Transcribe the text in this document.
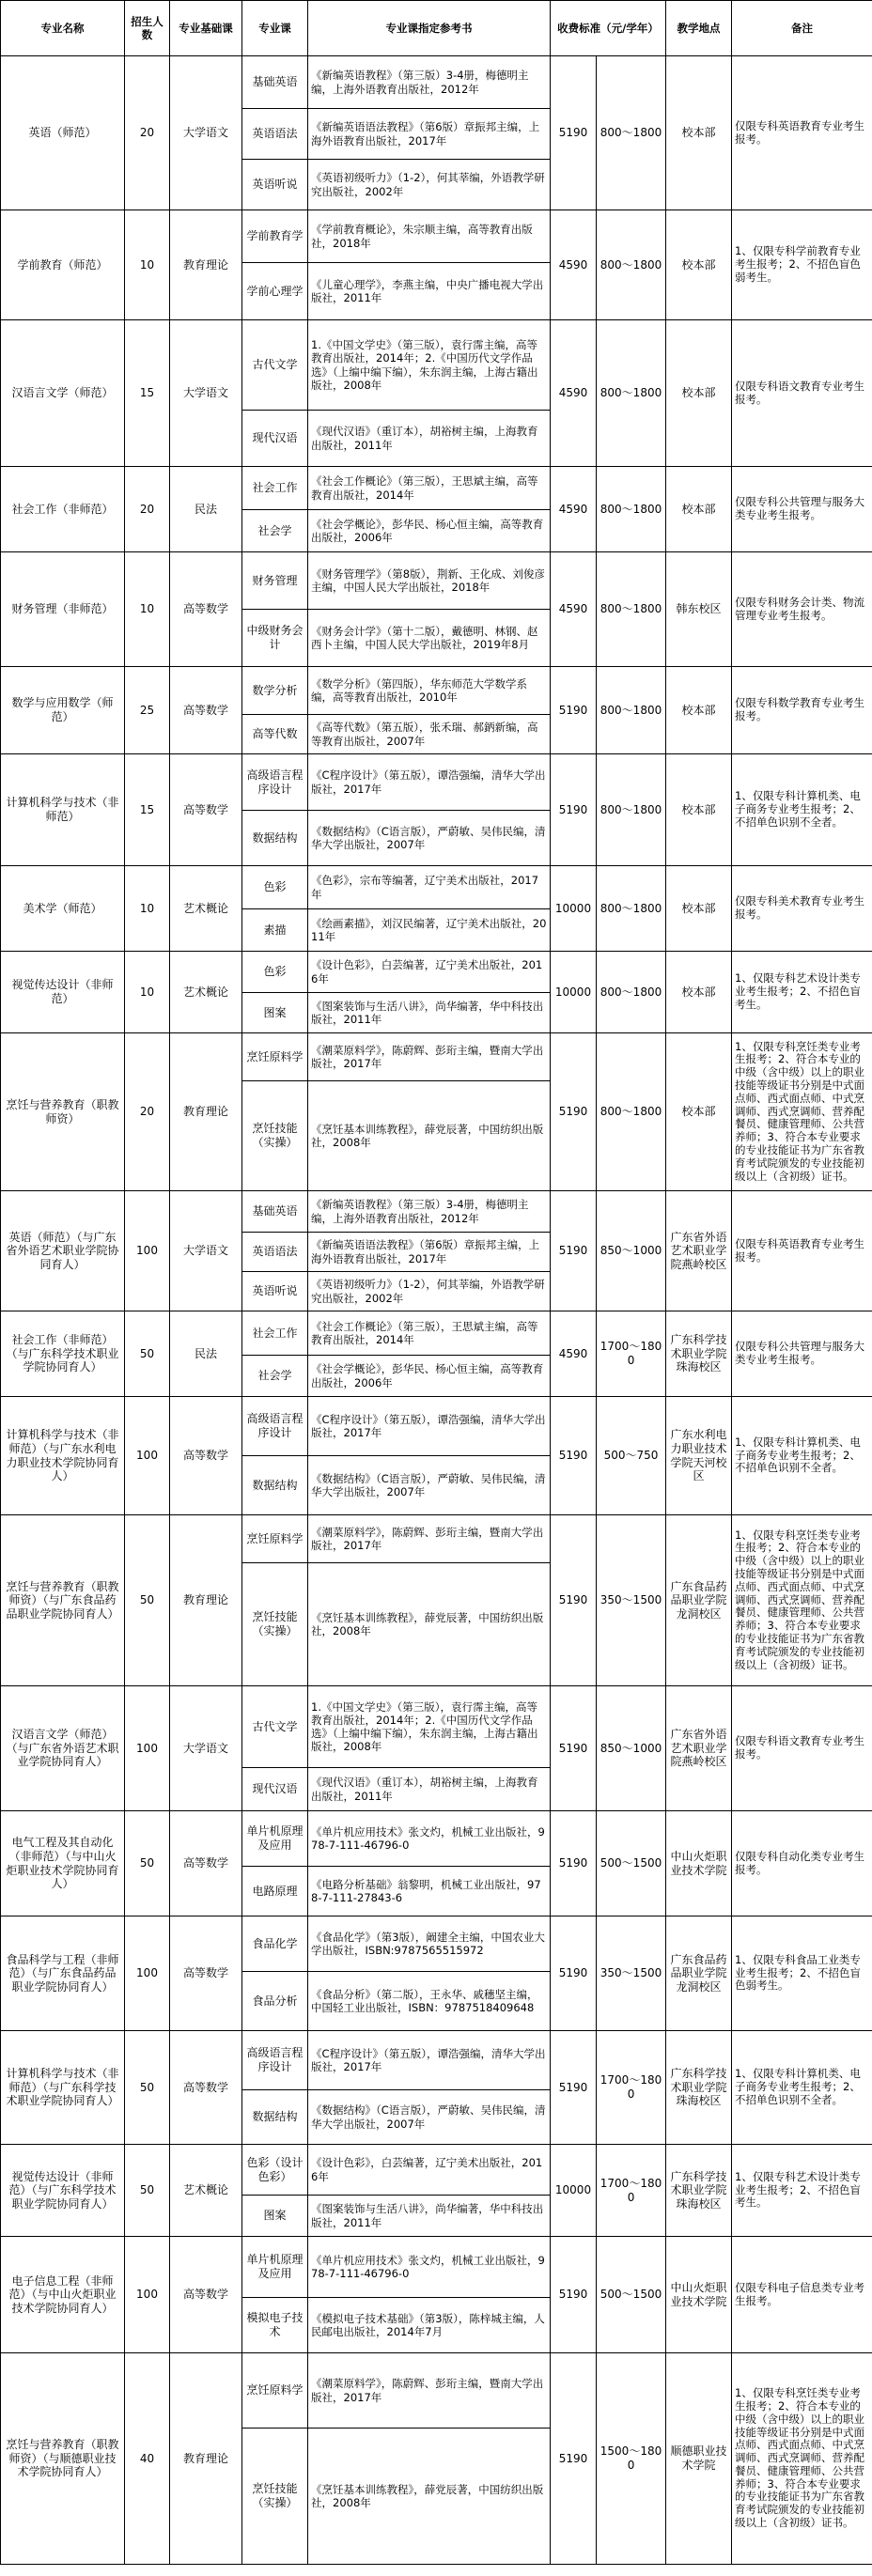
专业名称	招生人数	专业基础课	专业课	专业课指定参考书	收费标准（元/学年）		教学地点	备注
英语（师范）	20	大学语文	基础英语	《新编英语教程》（第三版）3-4册，梅德明主编，上海外语教育出版社，2012年	5190	800～1800	校本部	仅限专科英语教育专业考生报考。
			英语语法	《新编英语语法教程》（第6版）章振邦主编，上海外语教育出版社，2017年				
			英语听说	《英语初级听力》（1-2），何其莘编，外语教学研究出版社，2002年				
学前教育（师范）	10	教育理论	学前教育学	《学前教育概论》，朱宗顺主编，高等教育出版社，2018年	4590	800～1800	校本部	1、仅限专科学前教育专业考生报考；2、不招色盲色弱考生。
			学前心理学	《儿童心理学》，李燕主编，中央广播电视大学出版社，2011年				
汉语言文学（师范）	15	大学语文	古代文学	1.《中国文学史》（第三版），袁行霈主编，高等教育出版社，2014年；2.《中国历代文学作品选》（上编中编下编），朱东润主编，上海古籍出版社，2008年	4590	800～1800	校本部	仅限专科语文教育专业考生报考。
			现代汉语	《现代汉语》（重订本），胡裕树主编，上海教育出版社，2011年				
社会工作（非师范）	20	民法	社会工作	《社会工作概论》（第三版），王思斌主编，高等教育出版社，2014年	4590	800～1800	校本部	仅限专科公共管理与服务大类专业考生报考。
			社会学	《社会学概论》，彭华民、杨心恒主编，高等教育出版社，2006年				
财务管理（非师范）	10	高等数学	财务管理	《财务管理学》（第8版），荆新、王化成、刘俊彦主编，中国人民大学出版社，2018年	4590	800～1800	韩东校区	仅限专科财务会计类、物流管理专业考生报考。
			中级财务会计	《财务会计学》（第十二版），戴德明、林钢、赵西卜主编，中国人民大学出版社，2019年8月				
数学与应用数学（师范）	25	高等数学	数学分析	《数学分析》（第四版），华东师范大学数学系编，高等教育出版社，2010年	5190	800～1800	校本部	仅限专科数学教育专业考生报考。
			高等代数	《高等代数》（第五版），张禾瑞、郝鈵新编，高等教育出版社，2007年				
计算机科学与技术（非师范）	15	高等数学	高级语言程序设计	《C程序设计》（第五版），谭浩强编，清华大学出版社，2017年	5190	800～1800	校本部	1、仅限专科计算机类、电子商务专业考生报考；2、不招单色识别不全者。
			数据结构	《数据结构》（C语言版），严蔚敏、吴伟民编，清华大学出版社，2007年				
美术学（师范）	10	艺术概论	色彩	《色彩》，宗布等编著，辽宁美术出版社，2017年	10000	800～1800	校本部	仅限专科美术教育专业考生报考。
			素描	《绘画素描》，刘汉民编著，辽宁美术出版社，2011年				
视觉传达设计（非师范）	10	艺术概论	色彩	《设计色彩》，白芸编著，辽宁美术出版社，2016年	10000	800～1800	校本部	1、仅限专科艺术设计类专业考生报考；2、不招色盲考生。
			图案	《图案装饰与生活八讲》，尚华编著，华中科技出版社，2011年				
烹饪与营养教育（职教师资）	20	教育理论	烹饪原料学	《潮菜原料学》，陈蔚辉、彭珩主编，暨南大学出版社，2017年	5190	800～1800	校本部	1、仅限专科烹饪类专业考生报考；2、符合本专业的中级（含中级）以上的职业技能等级证书分别是中式面点师、西式面点师、中式烹调师、西式烹调师、营养配餐员、健康管理师、公共营养师；3、符合本专业要求的专业技能证书为广东省教育考试院颁发的专业技能初级以上（含初级）证书。
			烹饪技能（实操）	《烹饪基本训练教程》，薛党辰著，中国纺织出版社，2008年				
英语（师范）（与广东省外语艺术职业学院协同育人）	100	大学语文	基础英语	《新编英语教程》（第三版）3-4册，梅德明主编，上海外语教育出版社，2012年	5190	850～1000	广东省外语艺术职业学院燕岭校区	仅限专科英语教育专业考生报考。
			英语语法	《新编英语语法教程》（第6版）章振邦主编，上海外语教育出版社，2017年				
			英语听说	《英语初级听力》（1-2），何其莘编，外语教学研究出版社，2002年				
社会工作（非师范）（与广东科学技术职业学院协同育人）	50	民法	社会工作	《社会工作概论》（第三版），王思斌主编，高等教育出版社，2014年	4590	1700～1800	广东科学技术职业学院珠海校区	仅限专科公共管理与服务大类专业考生报考。
			社会学	《社会学概论》，彭华民、杨心恒主编，高等教育出版社，2006年				
计算机科学与技术（非师范）（与广东水利电力职业技术学院协同育人）	100	高等数学	高级语言程序设计	《C程序设计》（第五版），谭浩强编，清华大学出版社，2017年	5190	500～750	广东水利电力职业技术学院天河校区	1、仅限专科计算机类、电子商务专业考生报考；2、不招单色识别不全者。
			数据结构	《数据结构》（C语言版），严蔚敏、吴伟民编，清华大学出版社，2007年				
烹饪与营养教育（职教师资）（与广东食品药品职业学院协同育人）	50	教育理论	烹饪原料学	《潮菜原料学》，陈蔚辉、彭珩主编，暨南大学出版社，2017年	5190	350～1500	广东食品药品职业学院龙洞校区	1、仅限专科烹饪类专业考生报考；2、符合本专业的中级（含中级）以上的职业技能等级证书分别是中式面点师、西式面点师、中式烹调师、西式烹调师、营养配餐员、健康管理师、公共营养师；3、符合本专业要求的专业技能证书为广东省教育考试院颁发的专业技能初级以上（含初级）证书。
			烹饪技能（实操）	《烹饪基本训练教程》，薛党辰著，中国纺织出版社，2008年				
汉语言文学（师范）（与广东省外语艺术职业学院协同育人）	100	大学语文	古代文学	1.《中国文学史》（第三版），袁行霈主编，高等教育出版社，2014年；2.《中国历代文学作品选》（上编中编下编），朱东润主编，上海古籍出版社，2008年	5190	850～1000	广东省外语艺术职业学院燕岭校区	仅限专科语文教育专业考生报考。
			现代汉语	《现代汉语》（重订本），胡裕树主编，上海教育出版社，2011年				
电气工程及其自动化（非师范）（与中山火炬职业技术学院协同育人）	50	高等数学	单片机原理及应用	《单片机应用技术》张文灼，机械工业出版社，978-7-111-46796-0	5190	500～1500	中山火炬职业技术学院	仅限专科自动化类专业考生报考。
			电路原理	《电路分析基础》翁黎明，机械工业出版社，978-7-111-27843-6				
食品科学与工程（非师范）（与广东食品药品职业学院协同育人）	100	高等数学	食品化学	《食品化学》（第3版），阚建全主编，中国农业大学出版社，ISBN:9787565515972	5190	350～1500	广东食品药品职业学院龙洞校区	1、仅限专科食品工业类专业考生报考；2、不招色盲色弱考生。
			食品分析	《食品分析》（第二版），王永华、戚穗坚主编，中国轻工业出版社，ISBN：9787518409648				
计算机科学与技术（非师范）（与广东科学技术职业学院协同育人）	50	高等数学	高级语言程序设计	《C程序设计》（第五版），谭浩强编，清华大学出版社，2017年	5190	1700～1800	广东科学技术职业学院珠海校区	1、仅限专科计算机类、电子商务专业考生报考；2、不招单色识别不全者。
			数据结构	《数据结构》（C语言版），严蔚敏、吴伟民编，清华大学出版社，2007年				
视觉传达设计（非师范）（与广东科学技术职业学院协同育人）	50	艺术概论	色彩（设计色彩）	《设计色彩》，白芸编著，辽宁美术出版社，2016年	10000	1700～1800	广东科学技术职业学院珠海校区	1、仅限专科艺术设计类专业考生报考；2、不招色盲考生。
			图案	《图案装饰与生活八讲》，尚华编著，华中科技出版社，2011年				
电子信息工程（非师范）（与中山火炬职业技术学院协同育人）	100	高等数学	单片机原理及应用	《单片机应用技术》张文灼，机械工业出版社，978-7-111-46796-0	5190	500～1500	中山火炬职业技术学院	仅限专科电子信息类专业考生报考。
			模拟电子技术	《模拟电子技术基础》（第3版），陈梓城主编，人民邮电出版社，2014年7月				
烹饪与营养教育（职教师资）（与顺德职业技术学院协同育人）	40	教育理论	烹饪原料学	《潮菜原料学》，陈蔚辉、彭珩主编，暨南大学出版社，2017年	5190	1500～1800	顺德职业技术学院	1、仅限专科烹饪类专业考生报考；2、符合本专业的中级（含中级）以上的职业技能等级证书分别是中式面点师、西式面点师、中式烹调师、西式烹调师、营养配餐员、健康管理师、公共营养师；3、符合本专业要求的专业技能证书为广东省教育考试院颁发的专业技能初级以上（含初级）证书。
			烹饪技能（实操）	《烹饪基本训练教程》，薛党辰著，中国纺织出版社，2008年				
